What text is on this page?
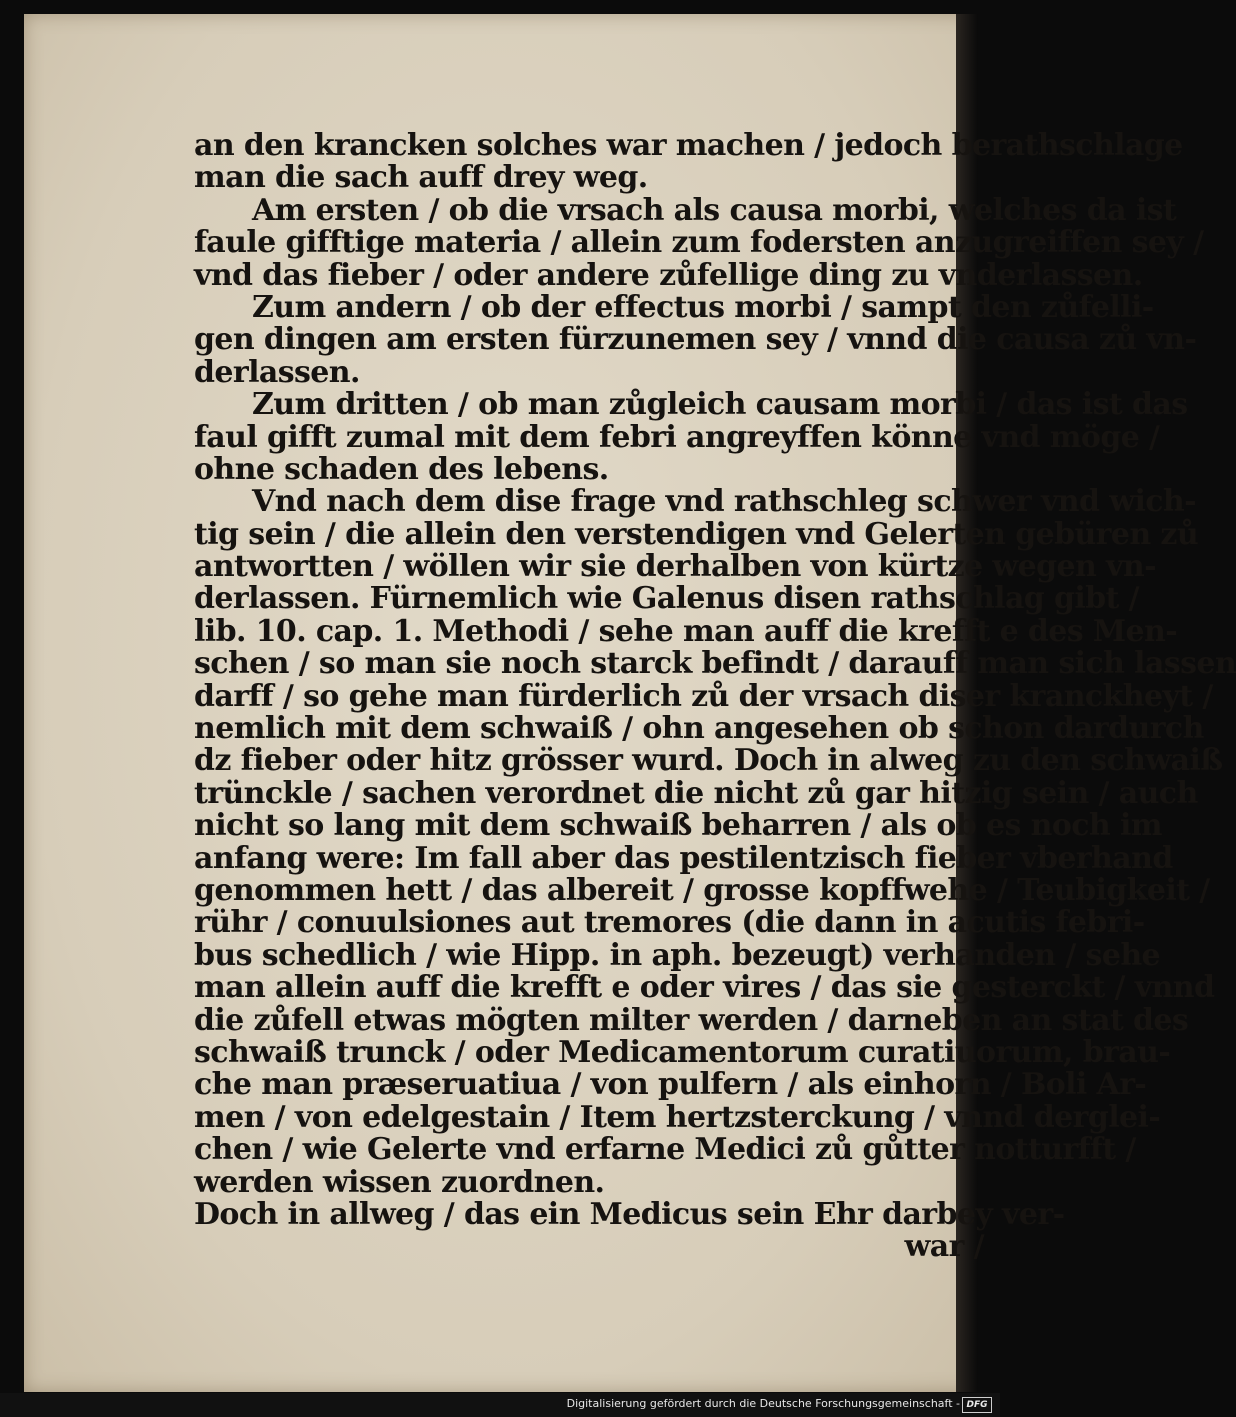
an den krancken solches war machen / jedoch berathschlage
man die sach auff drey weg.
Am ersten / ob die vrsach als causa morbi, welches da ist
faule gifftige materia / allein zum fodersten anzugreiffen sey /
vnd das fieber / oder andere zůfellige ding zu vnderlassen.
Zum andern / ob der effectus morbi / sampt den zůfelli-
gen dingen am ersten fürzunemen sey / vnnd die causa zů vn-
derlassen.
Zum dritten / ob man zůgleich causam morbi / das ist das
faul gifft zumal mit dem febri angreyffen könne vnd möge /
ohne schaden des lebens.
Vnd nach dem dise frage vnd rathschleg schwer vnd wich-
tig sein / die allein den verstendigen vnd Gelerten gebüren zů
antwortten / wöllen wir sie derhalben von kürtze wegen vn-
derlassen. Fürnemlich wie Galenus disen rathschlag gibt /
lib. 10. cap. 1. Methodi / sehe man auff die krefft e des Men-
schen / so man sie noch starck befindt / darauff man sich lassen
darff / so gehe man fürderlich zů der vrsach diser kranckheyt /
nemlich mit dem schwaiß / ohn angesehen ob schon dardurch
dz fieber oder hitz grösser wurd. Doch in alweg zu den schwaiß
trünckle / sachen verordnet die nicht zů gar hitzig sein / auch
nicht so lang mit dem schwaiß beharren / als ob es noch im
anfang were: Im fall aber das pestilentzisch fieber vberhand
genommen hett / das albereit / grosse kopffwehe / Teubigkeit /
rühr / conuulsiones aut tremores (die dann in acutis febri-
bus schedlich / wie Hipp. in aph. bezeugt) verhanden / sehe
man allein auff die krefft e oder vires / das sie gesterckt / vnnd
die zůfell etwas mögten milter werden / darneben an stat des
schwaiß trunck / oder Medicamentorum curatiuorum, brau-
che man præseruatiua / von pulfern / als einhorn / Boli Ar-
men / von edelgestain / Item hertzsterckung / vnnd derglei-
chen / wie Gelerte vnd erfarne Medici zů gůtter notturfft /
werden wissen zuordnen.
Doch in allweg / das ein Medicus sein Ehr darbey ver-
war /
Digitalisierung gefördert durch die Deutsche Forschungsgemeinschaft - DFG
